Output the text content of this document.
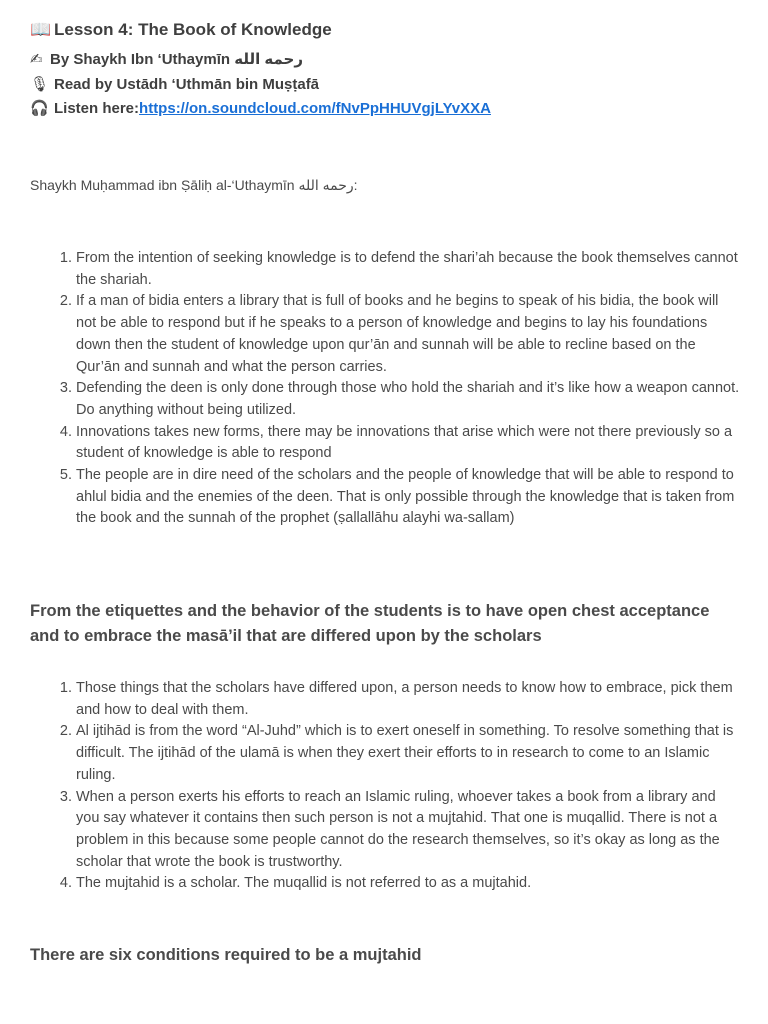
📖 Lesson 4: The Book of Knowledge
✍ By Shaykh Ibn ‘Uthaymīn رحمه الله
🎙 Read by Ustādh ‘Uthmān bin Muṣṭafā
🎧 Listen here:https://on.soundcloud.com/fNvPpHHUVgjLYvXXA
Shaykh Muḥammad ibn Ṣāliḥ al-‘Uthaymīn رحمه الله:
1. From the intention of seeking knowledge is to defend the shari’ah because the book themselves cannot the shariah.
2. If a man of bidia enters a library that is full of books and he begins to speak of his bidia, the book will not be able to respond but if he speaks to a person of knowledge and begins to lay his foundations down then the student of knowledge upon qur’ān and sunnah will be able to recline based on the Qur’ān and sunnah and what the person carries.
3. Defending the deen is only done through those who hold the shariah and it’s like how a weapon cannot. Do anything without being utilized.
4. Innovations takes new forms, there may be innovations that arise which were not there previously so a student of knowledge is able to respond
5. The people are in dire need of the scholars and the people of knowledge that will be able to respond to ahlul bidia and the enemies of the deen. That is only possible through the knowledge that is taken from the book and the sunnah of the prophet (ṣallallāhu alayhi wa-sallam)
From the etiquettes and the behavior of the students is to have open chest acceptance and to embrace the masā’il that are differed upon by the scholars
1. Those things that the scholars have differed upon, a person needs to know how to embrace, pick them and how to deal with them.
2. Al ijtihād is from the word “Al-Juhd” which is to exert oneself in something. To resolve something that is difficult. The ijtihād of the ulamā is when they exert their efforts to in research to come to an Islamic ruling.
3. When a person exerts his efforts to reach an Islamic ruling, whoever takes a book from a library and you say whatever it contains then such person is not a mujtahid. That one is muqallid. There is not a problem in this because some people cannot do the research themselves, so it’s okay as long as the scholar that wrote the book is trustworthy.
4. The mujtahid is a scholar. The muqallid is not referred to as a mujtahid.
There are six conditions required to be a mujtahid
